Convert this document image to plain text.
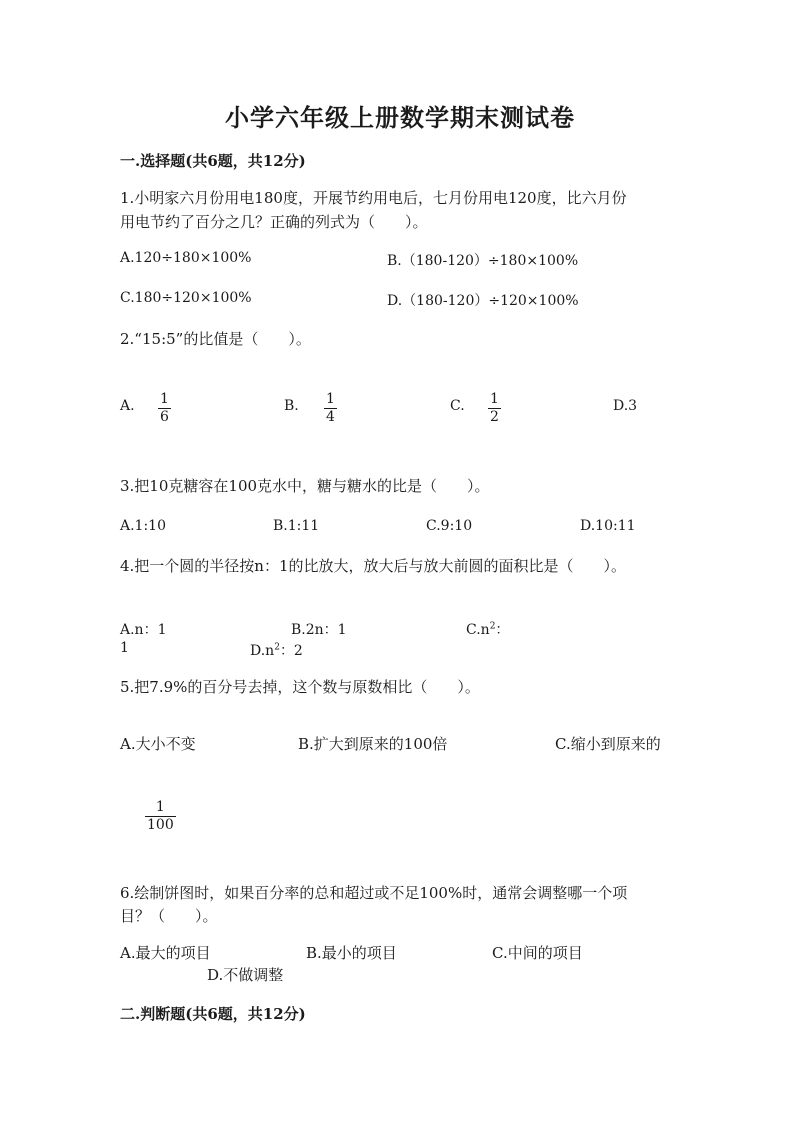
小学六年级上册数学期末测试卷
一.选择题(共6题，共12分)
1.小明家六月份用电180度，开展节约用电后，七月份用电120度，比六月份
用电节约了百分之几？正确的列式为（　　）。
A.120÷180×100%	B.（180-120）÷180×100%
C.180÷120×100%	D.（180-120）÷120×100%
2.“15:5”的比值是（　　）。
A. 1
6
B. 1
4
C. 1
2
D.3
3.把10克糖容在100克水中，糖与糖水的比是（　　）。
A.1:10	B.1:11	C.9:10	D.10:11
4.把一个圆的半径按n：1的比放大，放大后与放大前圆的面积比是（　　）。
A.n：1	B.2n：1	$C.n^2$：
1	$D.n^2$：2
5.把7.9%的百分号去掉，这个数与原数相比（　　）。
A.大小不变	B.扩大到原来的100倍	C.缩小到原来的
1
100
6.绘制饼图时，如果百分率的总和超过或不足100%时，通常会调整哪一个项
目？（　　）。
A.最大的项目	B.最小的项目	C.中间的项目
D.不做调整
二.判断题(共6题，共12分)
